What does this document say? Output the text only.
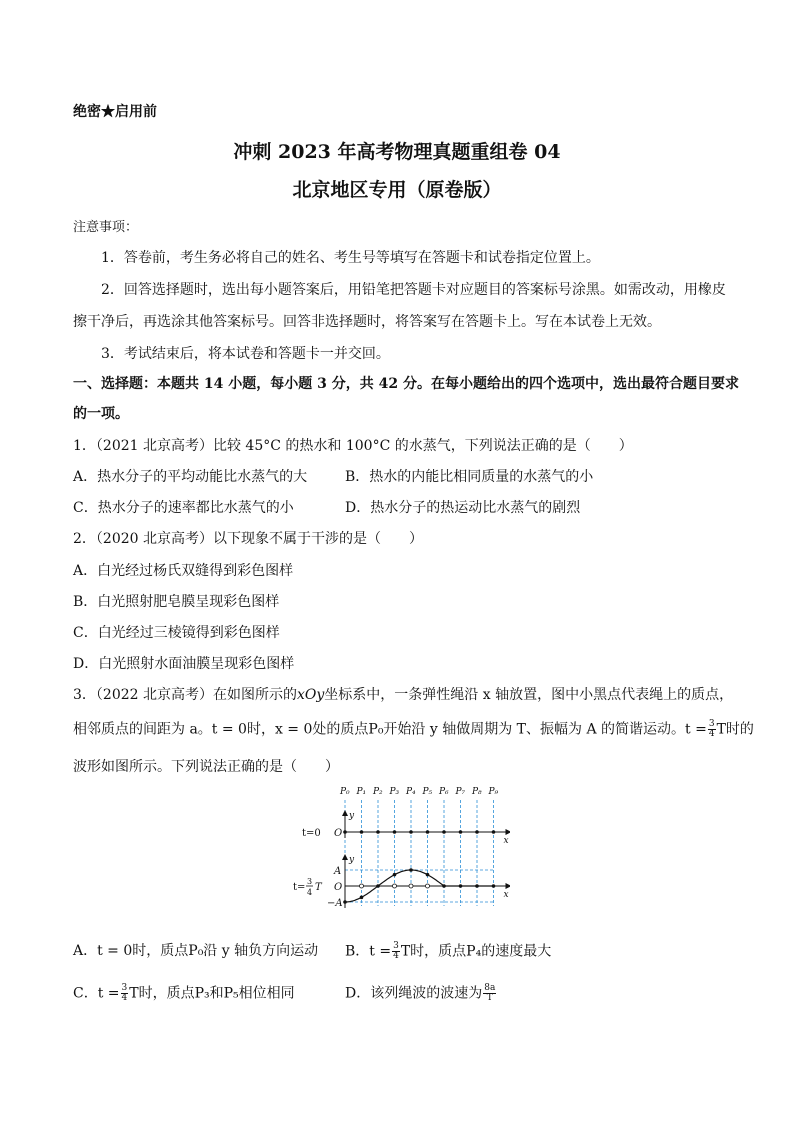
绝密★启用前
冲刺 2023 年高考物理真题重组卷 04
北京地区专用（原卷版）
注意事项：
1．答卷前，考生务必将自己的姓名、考生号等填写在答题卡和试卷指定位置上。
2．回答选择题时，选出每小题答案后，用铅笔把答题卡对应题目的答案标号涂黑。如需改动，用橡皮
擦干净后，再选涂其他答案标号。回答非选择题时，将答案写在答题卡上。写在本试卷上无效。
3．考试结束后，将本试卷和答题卡一并交回。
一、选择题：本题共 14 小题，每小题 3 分，共 42 分。在每小题给出的四个选项中，选出最符合题目要求
的一项。
1．（2021 北京高考）比较 45°C 的热水和 100°C 的水蒸气，下列说法正确的是（　　）
A．热水分子的平均动能比水蒸气的大	B．热水的内能比相同质量的水蒸气的小
C．热水分子的速率都比水蒸气的小	D．热水分子的热运动比水蒸气的剧烈
2．（2020 北京高考）以下现象不属于干涉的是（　　）
A．白光经过杨氏双缝得到彩色图样
B．白光照射肥皂膜呈现彩色图样
C．白光经过三棱镜得到彩色图样
D．白光照射水面油膜呈现彩色图样
3．（2022 北京高考）在如图所示的xOy坐标系中，一条弹性绳沿 x 轴放置，图中小黑点代表绳上的质点，
相邻质点的间距为 a。t = 0时，x = 0处的质点P₀开始沿 y 轴做周期为 T、振幅为 A 的简谐运动。$t = \frac{3}{4}$ T时的
波形如图所示。下列说法正确的是（　　）
P₀ P₁ P₂ P₃ P₄ P₅ P₆ P₇ P₈ P₉
y
x
O
t=0
y
x
O
A
−A
t=
3
4 T
A．t = 0时，质点P₀沿 y 轴负方向运动 B．$t = \frac{3}{4}$ T时，质点P₄的速度最大
C．$t = \frac{3}{4}$ T时，质点P₃和P₅相位相同	D．该列绳波的波速为 $\frac{8a}{T}$
